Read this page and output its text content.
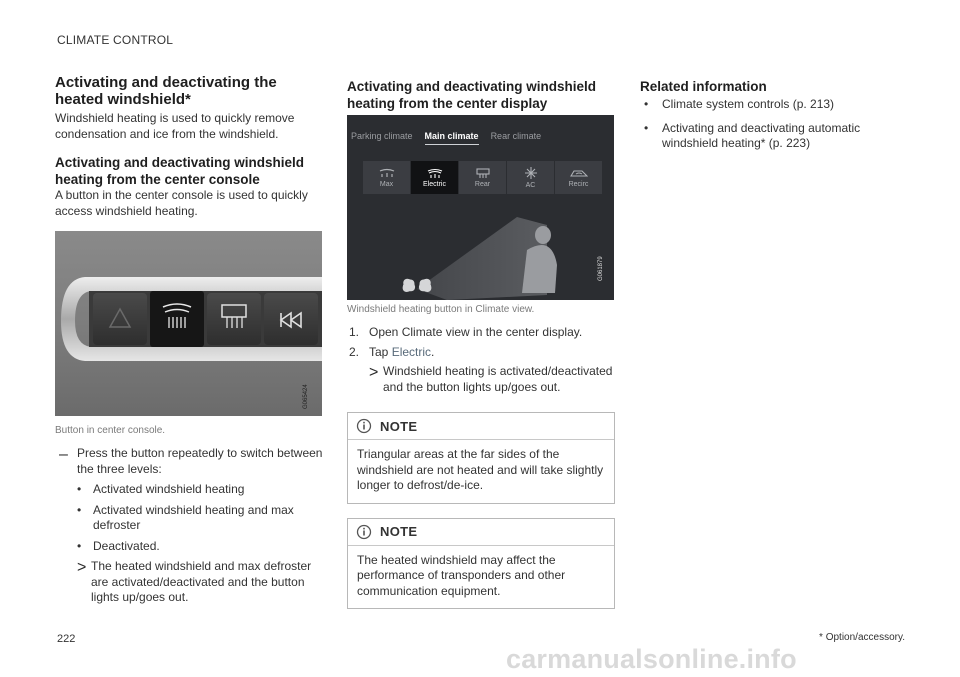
CLIMATE CONTROL
Activating and deactivating the heated windshield*

Windshield heating is used to quickly remove condensation and ice from the windshield.

Activating and deactivating windshield heating from the center console

A button in the center console is used to quickly access windshield heating.

G065424
Button in center console.
– Press the button repeatedly to switch between the three levels:

• Activated windshield heating
• Activated windshield heating and max defroster
• Deactivated.
> The heated windshield and max defroster are activated/deactivated and the button lights up/goes out.

Activating and deactivating windshield heating from the center display
Parking climate Main climate Rear climate
Max	Electric	Rear	AC	Recirc
G061879
Windshield heating button in Climate view.
1. Open Climate view in the center display.
2. Tap Electric.
> Windshield heating is activated/deactivated and the button lights up/goes out.

NOTE
Triangular areas at the far sides of the windshield are not heated and will take slightly longer to defrost/de-ice.
NOTE
The heated windshield may affect the performance of transponders and other communication equipment.
Related information
• Climate system controls (p. 213)
• Activating and deactivating automatic windshield heating* (p. 223)
222	* Option/accessory.
carmanualsonline.info
